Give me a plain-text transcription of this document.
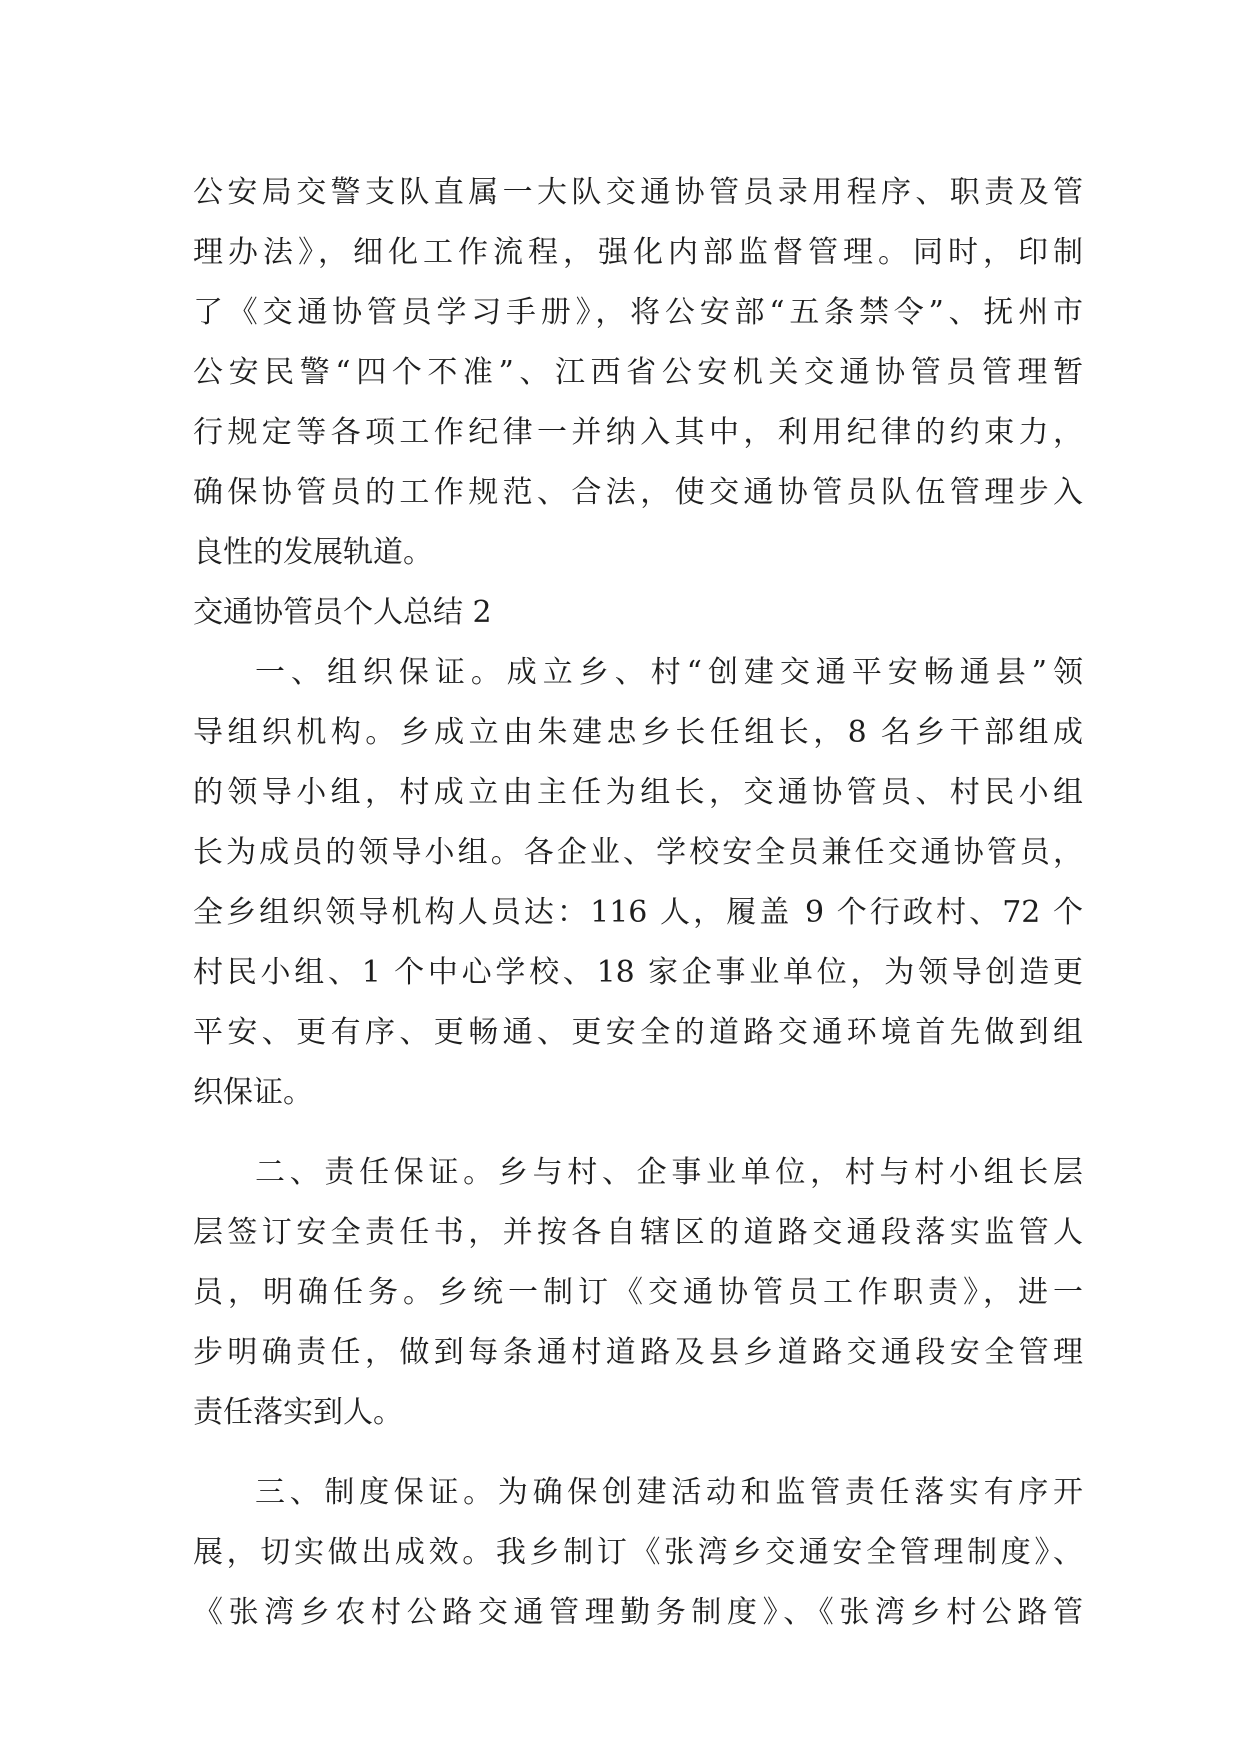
公安局交警支队直属一大队交通协管员录用程序、职责及管
理办法》，细化工作流程，强化内部监督管理。同时，印制
了《交通协管员学习手册》，将公安部“五条禁令”、抚州市
公安民警“四个不准”、江西省公安机关交通协管员管理暂
行规定等各项工作纪律一并纳入其中，利用纪律的约束力，
确保协管员的工作规范、合法，使交通协管员队伍管理步入
良性的发展轨道。
交通协管员个人总结 2
一、组织保证。成立乡、村“创建交通平安畅通县”领
导组织机构。乡成立由朱建忠乡长任组长，8 名乡干部组成
的领导小组，村成立由主任为组长，交通协管员、村民小组
长为成员的领导小组。各企业、学校安全员兼任交通协管员，
全乡组织领导机构人员达：116 人，履盖 9 个行政村、72 个
村民小组、1 个中心学校、18 家企事业单位，为领导创造更
平安、更有序、更畅通、更安全的道路交通环境首先做到组
织保证。
二、责任保证。乡与村、企事业单位，村与村小组长层
层签订安全责任书，并按各自辖区的道路交通段落实监管人
员，明确任务。乡统一制订《交通协管员工作职责》，进一
步明确责任，做到每条通村道路及县乡道路交通段安全管理
责任落实到人。
三、制度保证。为确保创建活动和监管责任落实有序开
展，切实做出成效。我乡制订《张湾乡交通安全管理制度》、
《张湾乡农村公路交通管理勤务制度》、《张湾乡村公路管
